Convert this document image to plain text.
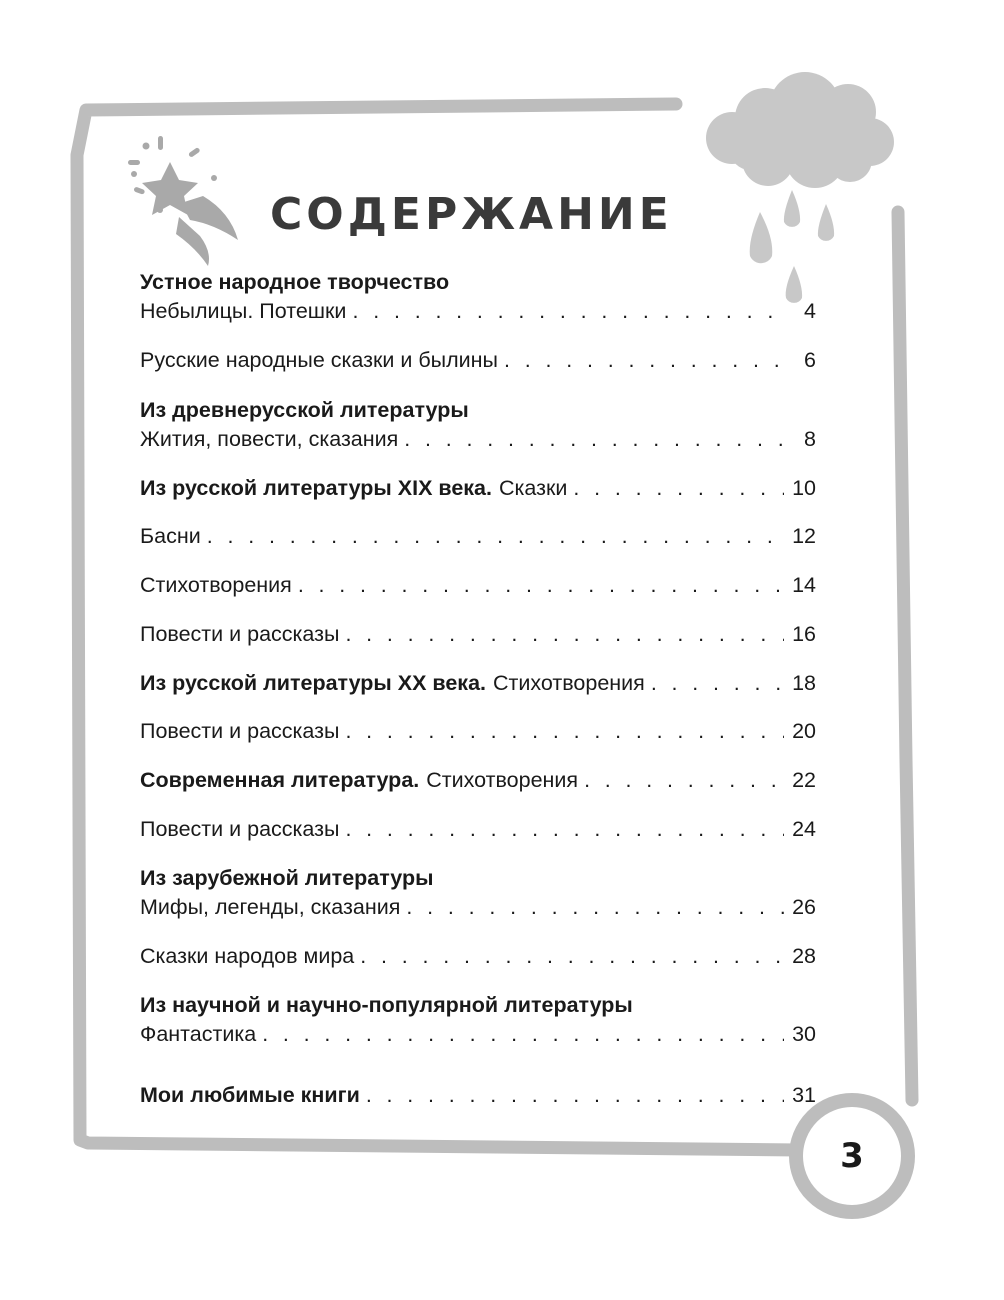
СОДЕРЖАНИЕ
Устное народное творчество
Небылицы. Потешки . . .	4
Русские народные сказки и былины . . .	6
Из древнерусской литературы
Жития, повести, сказания . . .	8
Из русской литературы XIX века. Сказки . . .	10
Басни . . .	12
Стихотворения . . .	14
Повести и рассказы . . .	16
Из русской литературы XX века. Стихотворения . . .	18
Повести и рассказы . . .	20
Современная литература. Стихотворения . . .	22
Повести и рассказы . . .	24
Из зарубежной литературы
Мифы, легенды, сказания . . .	26
Сказки народов мира . . .	28
Из научной и научно-популярной литературы
Фантастика . . .	30
Мои любимые книги . . .	31
3
